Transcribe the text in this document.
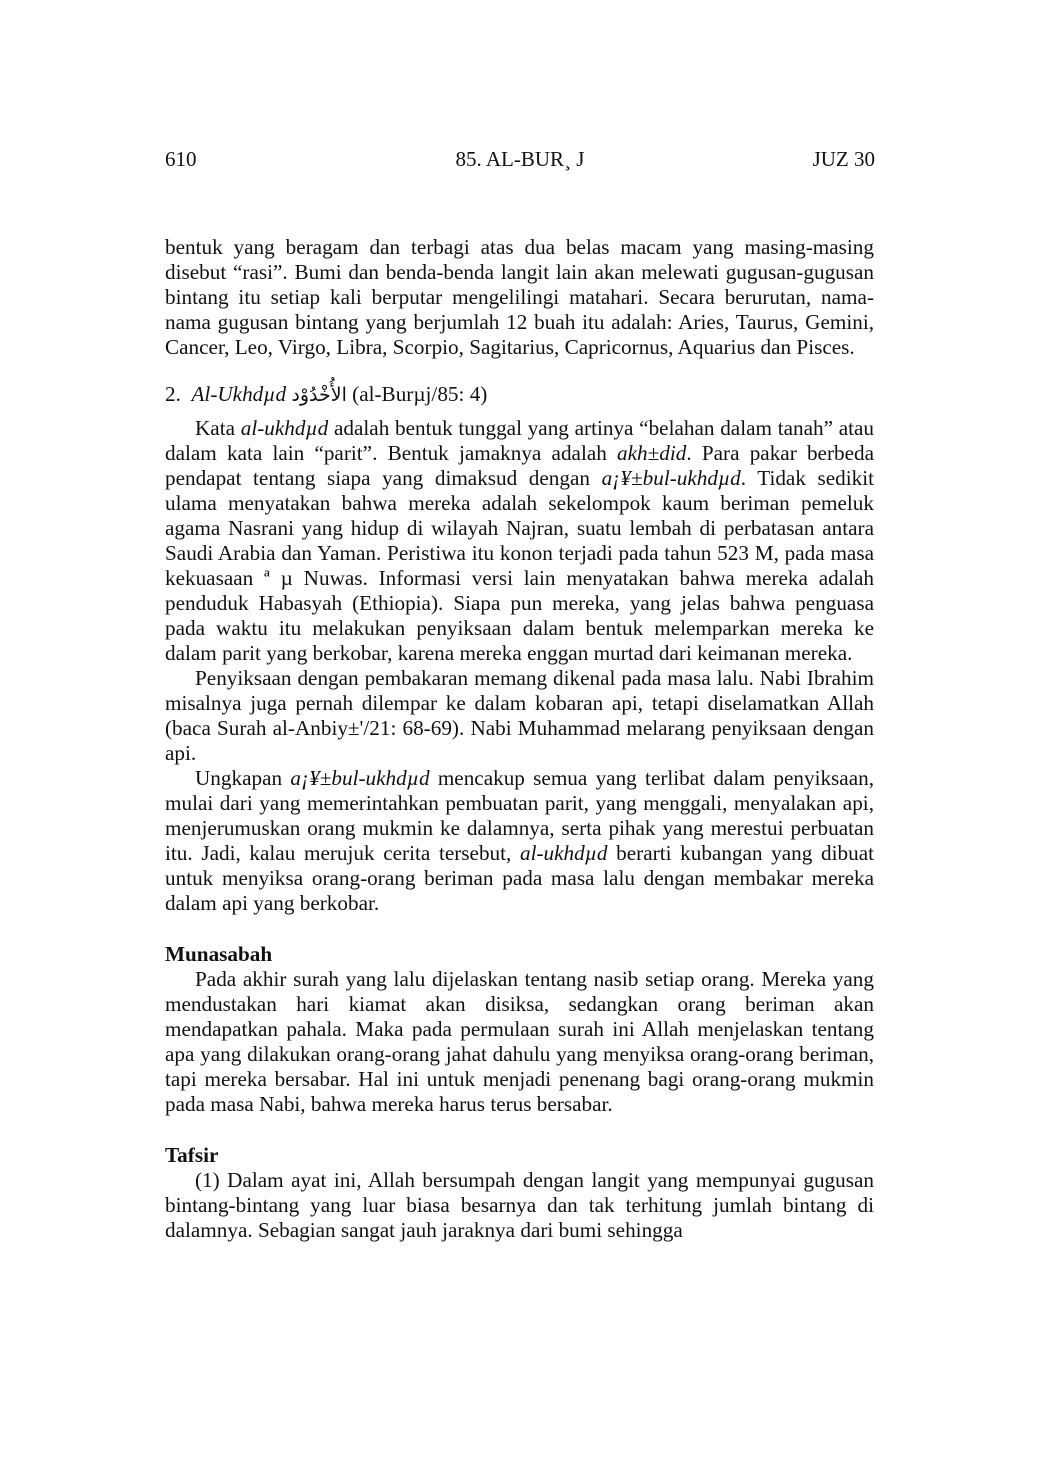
610	85. AL-BUR¸ J	JUZ 30

bentuk yang beragam dan terbagi atas dua belas macam yang masing-masing disebut “rasi”. Bumi dan benda-benda langit lain akan melewati gugusan-gugusan bintang itu setiap kali berputar mengelilingi matahari. Secara berurutan, nama-nama gugusan bintang yang berjumlah 12 buah itu adalah: Aries, Taurus, Gemini, Cancer, Leo, Virgo, Libra, Scorpio, Sagitarius, Capricornus, Aquarius dan Pisces.

2. Al-Ukhdµd الأُخْدُوْد (al-Burµj/85: 4)

Kata al-ukhdµd adalah bentuk tunggal yang artinya “belahan dalam tanah” atau dalam kata lain “parit”. Bentuk jamaknya adalah akh±did. Para pakar berbeda pendapat tentang siapa yang dimaksud dengan a¡¥±bul-ukhdµd. Tidak sedikit ulama menyatakan bahwa mereka adalah sekelompok kaum beriman pemeluk agama Nasrani yang hidup di wilayah Najran, suatu lembah di perbatasan antara Saudi Arabia dan Yaman. Peristiwa itu konon terjadi pada tahun 523 M, pada masa kekuasaan ª µ Nuwas. Informasi versi lain menyatakan bahwa mereka adalah penduduk Habasyah (Ethiopia). Siapa pun mereka, yang jelas bahwa penguasa pada waktu itu melakukan penyiksaan dalam bentuk melemparkan mereka ke dalam parit yang berkobar, karena mereka enggan murtad dari keimanan mereka.

Penyiksaan dengan pembakaran memang dikenal pada masa lalu. Nabi Ibrahim misalnya juga pernah dilempar ke dalam kobaran api, tetapi diselamatkan Allah (baca Surah al-Anbiy±'/21: 68-69). Nabi Muhammad melarang penyiksaan dengan api.

Ungkapan a¡¥±bul-ukhdµd mencakup semua yang terlibat dalam penyiksaan, mulai dari yang memerintahkan pembuatan parit, yang menggali, menyalakan api, menjerumuskan orang mukmin ke dalamnya, serta pihak yang merestui perbuatan itu. Jadi, kalau merujuk cerita tersebut, al-ukhdµd berarti kubangan yang dibuat untuk menyiksa orang-orang beriman pada masa lalu dengan membakar mereka dalam api yang berkobar.

Munasabah

Pada akhir surah yang lalu dijelaskan tentang nasib setiap orang. Mereka yang mendustakan hari kiamat akan disiksa, sedangkan orang beriman akan mendapatkan pahala. Maka pada permulaan surah ini Allah menjelaskan tentang apa yang dilakukan orang-orang jahat dahulu yang menyiksa orang-orang beriman, tapi mereka bersabar. Hal ini untuk menjadi penenang bagi orang-orang mukmin pada masa Nabi, bahwa mereka harus terus bersabar.

Tafsir

(1) Dalam ayat ini, Allah bersumpah dengan langit yang mempunyai gugusan bintang-bintang yang luar biasa besarnya dan tak terhitung jumlah bintang di dalamnya. Sebagian sangat jauh jaraknya dari bumi sehingga
